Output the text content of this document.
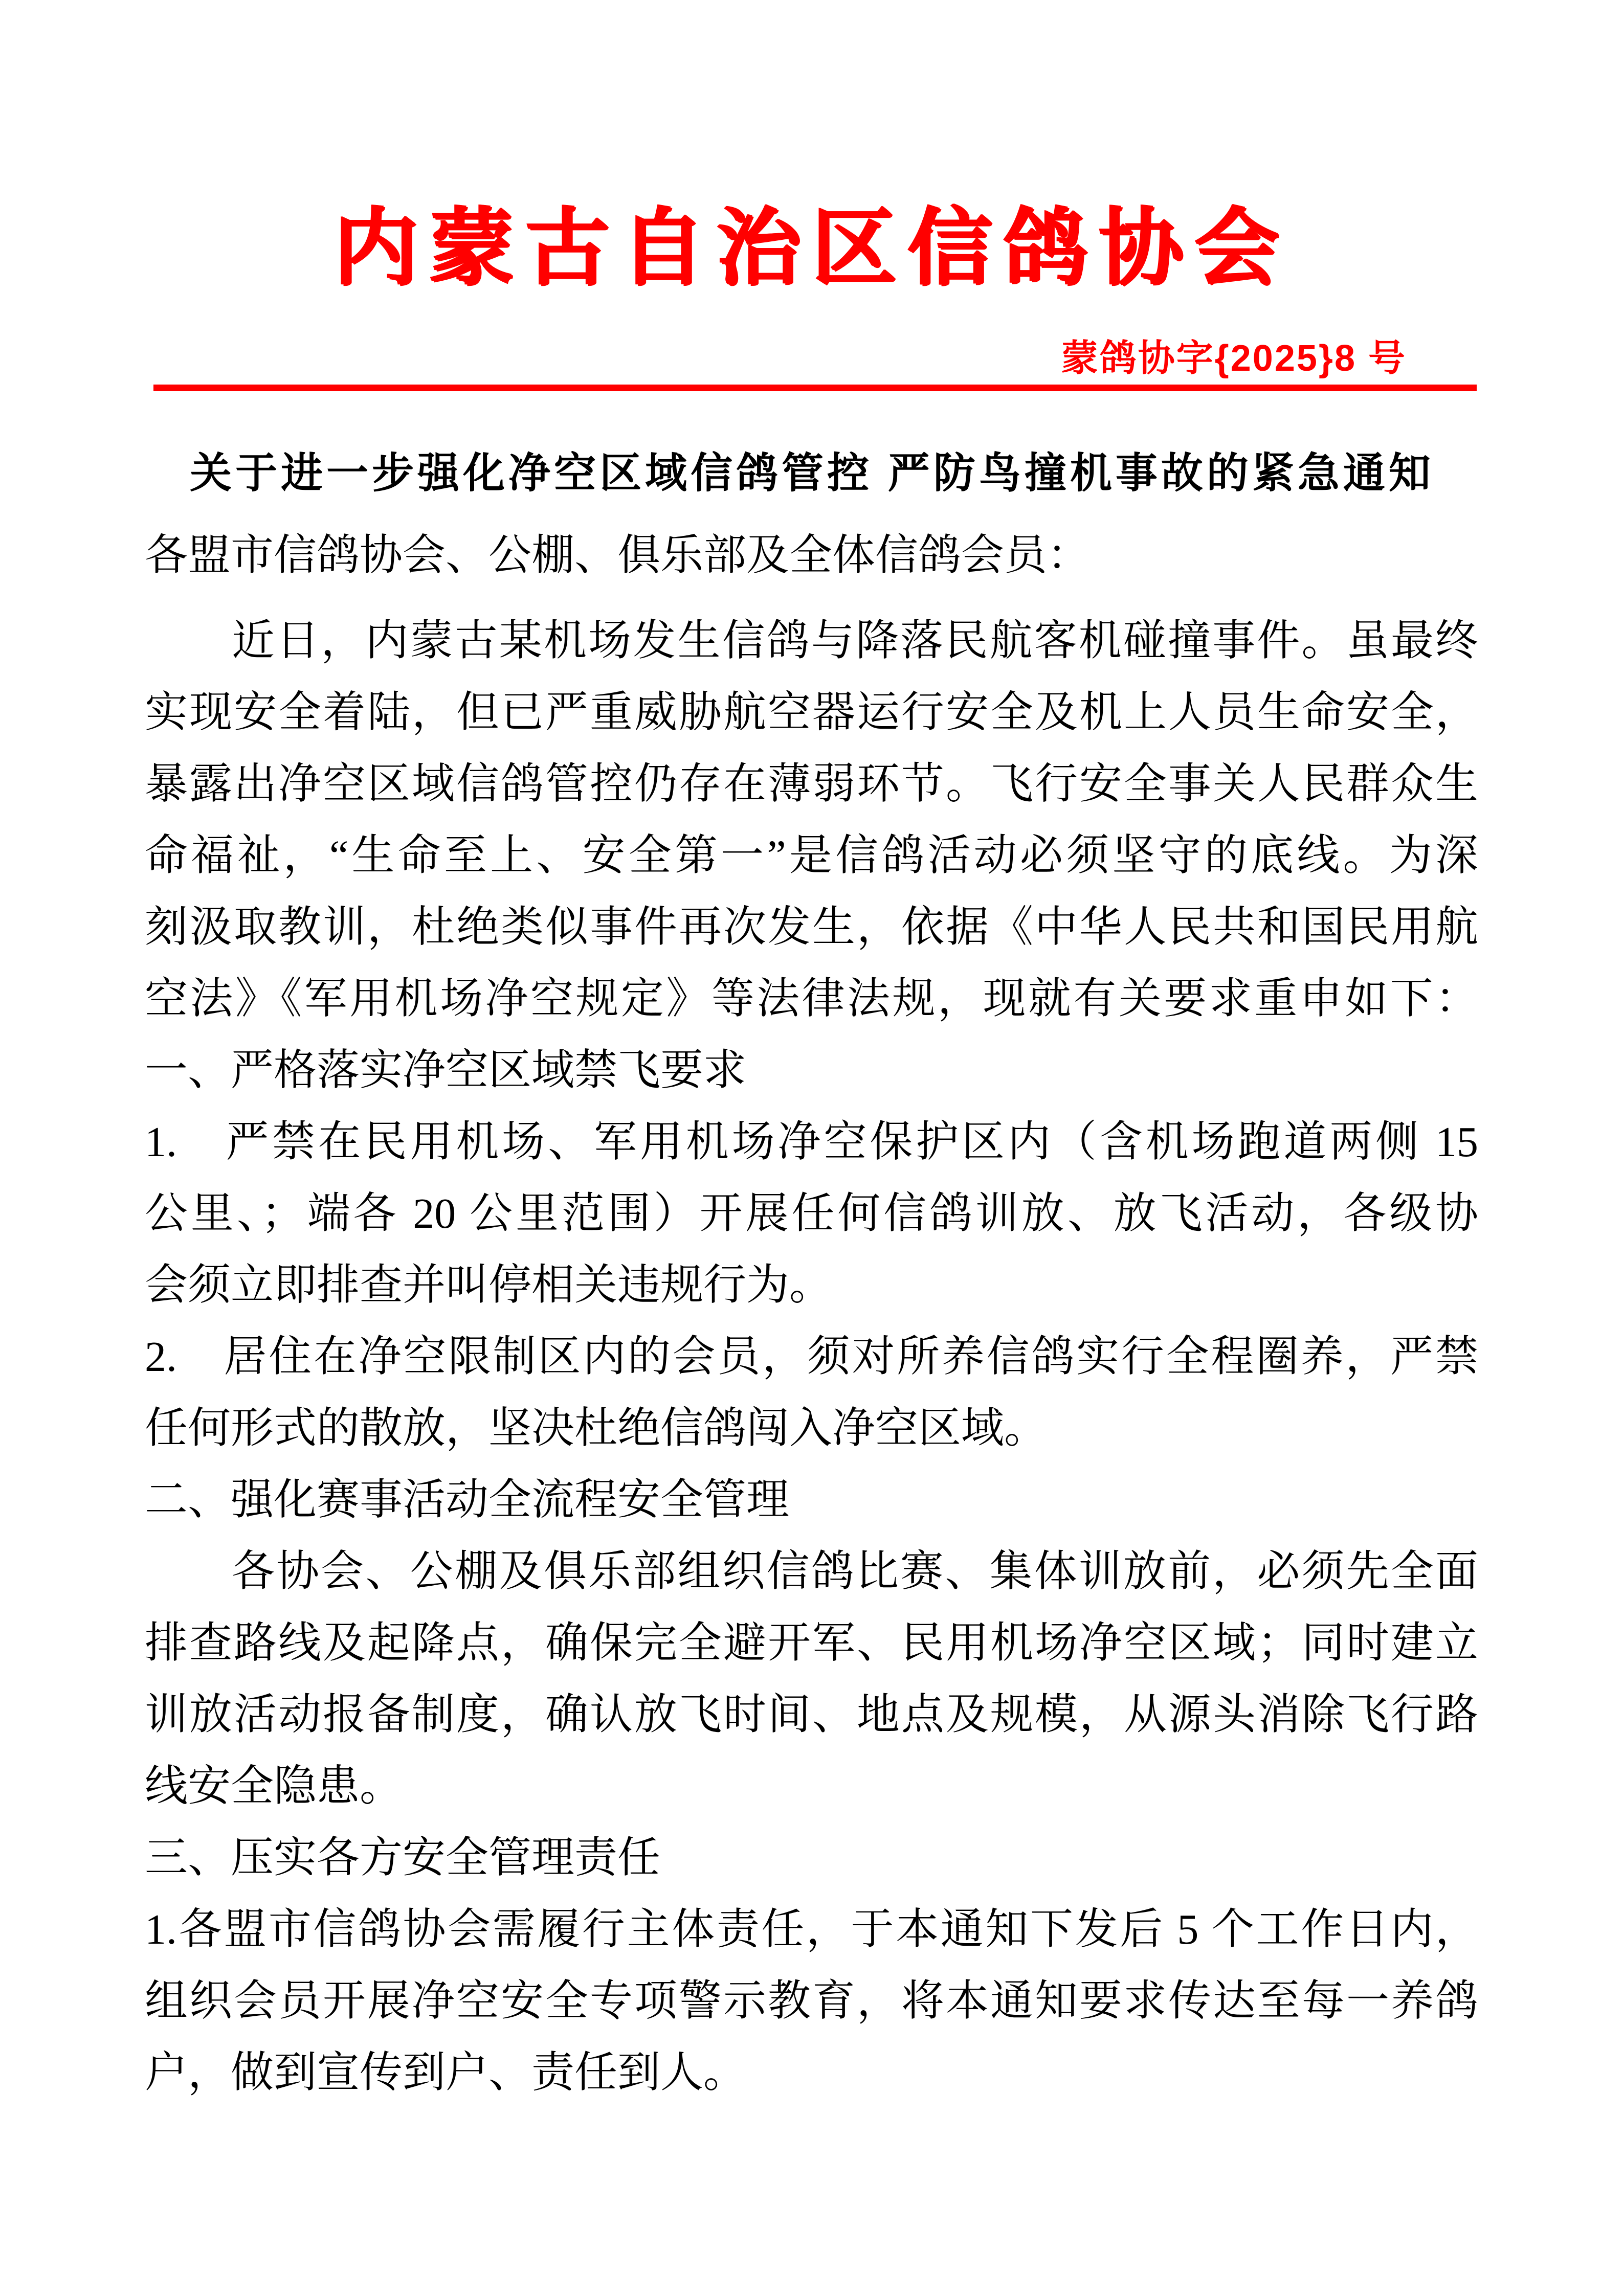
内蒙古自治区信鸽协会
蒙鸽协字{2025}8 号
关于进一步强化净空区域信鸽管控 严防鸟撞机事故的紧急通知
各盟市信鸽协会、公棚、俱乐部及全体信鸽会员：
近日，内蒙古某机场发生信鸽与降落民航客机碰撞事件。虽最终
实现安全着陆，但已严重威胁航空器运行安全及机上人员生命安全，
暴露出净空区域信鸽管控仍存在薄弱环节。飞行安全事关人民群众生
命福祉，“生命至上、安全第一”是信鸽活动必须坚守的底线。为深
刻汲取教训，杜绝类似事件再次发生，依据《中华人民共和国民用航
空法》《军用机场净空规定》等法律法规，现就有关要求重申如下：
一、严格落实净空区域禁飞要求
1.　严禁在民用机场、军用机场净空保护区内（含机场跑道两侧 15
公里、；端各 20 公里范围）开展任何信鸽训放、放飞活动，各级协
会须立即排查并叫停相关违规行为。
2.　居住在净空限制区内的会员，须对所养信鸽实行全程圈养，严禁
任何形式的散放，坚决杜绝信鸽闯入净空区域。
二、强化赛事活动全流程安全管理
各协会、公棚及俱乐部组织信鸽比赛、集体训放前，必须先全面
排查路线及起降点，确保完全避开军、民用机场净空区域；同时建立
训放活动报备制度，确认放飞时间、地点及规模，从源头消除飞行路
线安全隐患。
三、压实各方安全管理责任
1.各盟市信鸽协会需履行主体责任，于本通知下发后 5 个工作日内，
组织会员开展净空安全专项警示教育，将本通知要求传达至每一养鸽
户，做到宣传到户、责任到人。
